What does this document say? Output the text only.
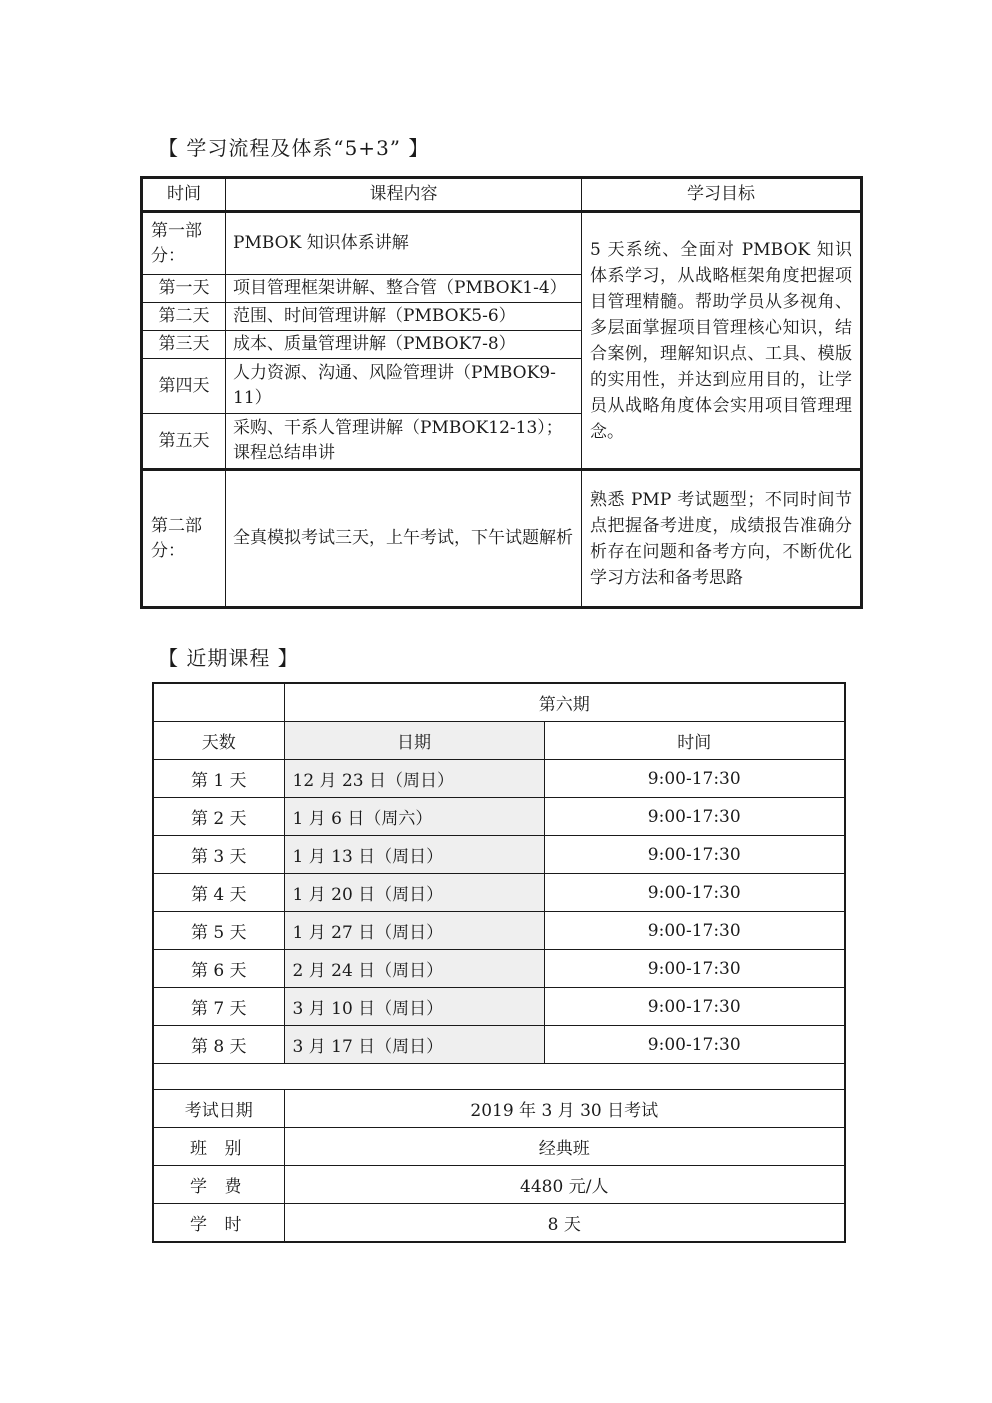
【 学习流程及体系“5+3” 】
时间	课程内容	学习目标
第一部分：	PMBOK 知识体系讲解	5 天系统、全面对 PMBOK 知识体系学习，从战略框架角度把握项目管理精髓。帮助学员从多视角、多层面掌握项目管理核心知识，结合案例，理解知识点、工具、模版的实用性，并达到应用目的，让学员从战略角度体会实用项目管理理念。
第一天	项目管理框架讲解、整合管（PMBOK1-4）	
第二天	范围、时间管理讲解（PMBOK5-6）	
第三天	成本、质量管理讲解（PMBOK7-8）	
第四天	人力资源、沟通、风险管理讲（PMBOK9-11）	
第五天	采购、干系人管理讲解（PMBOK12-13）；课程总结串讲	
第二部分：	全真模拟考试三天，上午考试，下午试题解析	熟悉 PMP 考试题型；不同时间节点把握备考进度，成绩报告准确分析存在问题和备考方向，不断优化学习方法和备考思路
【 近期课程 】
	第六期	
天数	日期	时间
第 1 天	12 月 23 日（周日）	9:00-17:30
第 2 天	1 月 6 日（周六）	9:00-17:30
第 3 天	1 月 13 日（周日）	9:00-17:30
第 4 天	1 月 20 日（周日）	9:00-17:30
第 5 天	1 月 27 日（周日）	9:00-17:30
第 6 天	2 月 24 日（周日）	9:00-17:30
第 7 天	3 月 10 日（周日）	9:00-17:30
第 8 天	3 月 17 日（周日）	9:00-17:30

考试日期	2019 年 3 月 30 日考试	
班 别	经典班	
学 费	4480 元/人	
学 时	8 天	
